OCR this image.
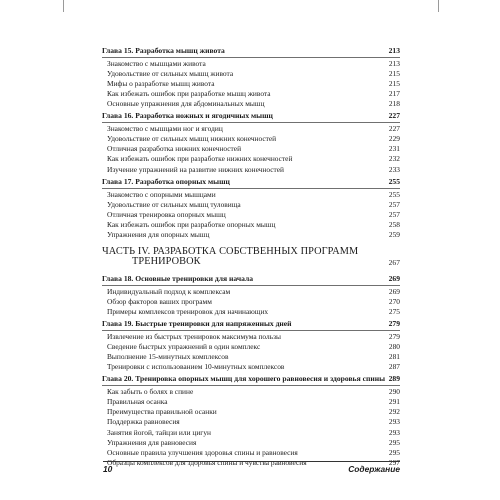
Глава 15. Разработка мышц живота	213
Знакомство с мышцами живота	213
Удовольствие от сильных мышц живота	215
Мифы о разработке мышц живота	215
Как избежать ошибок при разработке мышц живота	217
Основные упражнения для абдоминальных мышц	218
Глава 16. Разработка ножных и ягодичных мышц	227
Знакомство с мышцами ног и ягодиц	227
Удовольствие от сильных мышц нижних конечностей	229
Отличная разработка нижних конечностей	231
Как избежать ошибок при разработке нижних конечностей	232
Изучение упражнений на развитие нижних конечностей	233
Глава 17. Разработка опорных мышц	255
Знакомство с опорными мышцами	255
Удовольствие от сильных мышц туловища	257
Отличная тренировка опорных мышц	257
Как избежать ошибок при разработке опорных мышц	258
Упражнения для опорных мышц	259
ЧАСТЬ IV. РАЗРАБОТКА СОБСТВЕННЫХ ПРОГРАММ
ТРЕНИРОВОК	267
Глава 18. Основные тренировки для начала	269
Индивидуальный подход к комплексам	269
Обзор факторов ваших программ	270
Примеры комплексов тренировок для начинающих	275
Глава 19. Быстрые тренировки для напряженных дней	279
Извлечение из быстрых тренировок максимума пользы	279
Сведение быстрых упражнений в один комплекс	280
Выполнение 15-минутных комплексов	281
Тренировки с использованием 10-минутных комплексов	287
Глава 20. Тренировка опорных мышц для хорошего равновесия и здоровья спины 289
Как забыть о болях в спине	290
Правильная осанка	291
Преимущества правильной осанки	292
Поддержка равновесия	293
Занятия йогой, тайцзи или цигун	293
Упражнения для равновесия	295
Основные правила улучшения здоровья спины и равновесия	295
Образцы комплексов для здоровья спины и чувства равновесия	297
10	Содержание
